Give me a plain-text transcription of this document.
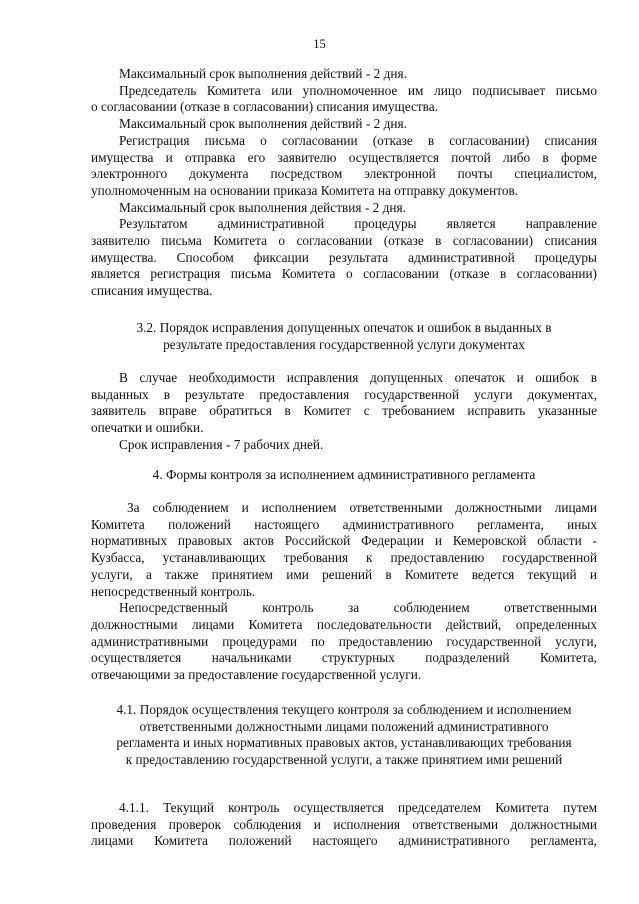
15
Максимальный срок выполнения действий - 2 дня.
Председатель Комитета или уполномоченное им лицо подписывает письмо
о согласовании (отказе в согласовании) списания имущества.
Максимальный срок выполнения действий - 2 дня.
Регистрация письма о согласовании (отказе в согласовании) списания
имущества и отправка его заявителю осуществляется почтой либо в форме
электронного документа посредством электронной почты специалистом,
уполномоченным на основании приказа Комитета на отправку документов.
Максимальный срок выполнения действия - 2 дня.
Результатом административной процедуры является направление
заявителю письма Комитета о согласовании (отказе в согласовании) списания
имущества. Способом фиксации результата административной процедуры
является регистрация письма Комитета о согласовании (отказе в согласовании)
списания имущества.

3.2. Порядок исправления допущенных опечаток и ошибок в выданных в

результате предоставления государственной услуги документах

В случае необходимости исправления допущенных опечаток и ошибок в
выданных в результате предоставления государственной услуги документах,
заявитель вправе обратиться в Комитет с требованием исправить указанные
опечатки и ошибки.
Срок исправления - 7 рабочих дней.

4. Формы контроля за исполнением административного регламента

За соблюдением и исполнением ответственными должностными лицами
Комитета положений настоящего административного регламента, иных
нормативных правовых актов Российской Федерации и Кемеровской области -
Кузбасса, устанавливающих требования к предоставлению государственной
услуги, а также принятием ими решений в Комитете ведется текущий и
непосредственный контроль.
Непосредственный контроль за соблюдением ответственными
должностными лицами Комитета последовательности действий, определенных
административными процедурами по предоставлению государственной услуги,
осуществляется начальниками структурных подразделений Комитета,
отвечающими за предоставление государственной услуги.

4.1. Порядок осуществления текущего контроля за соблюдением и исполнением

ответственными должностными лицами положений административного

регламента и иных нормативных правовых актов, устанавливающих требования

к предоставлению государственной услуги, а также принятием ими решений

4.1.1. Текущий контроль осуществляется председателем Комитета путем
проведения проверок соблюдения и исполнения ответствеными должностными
лицами Комитета положений настоящего административного регламента,
